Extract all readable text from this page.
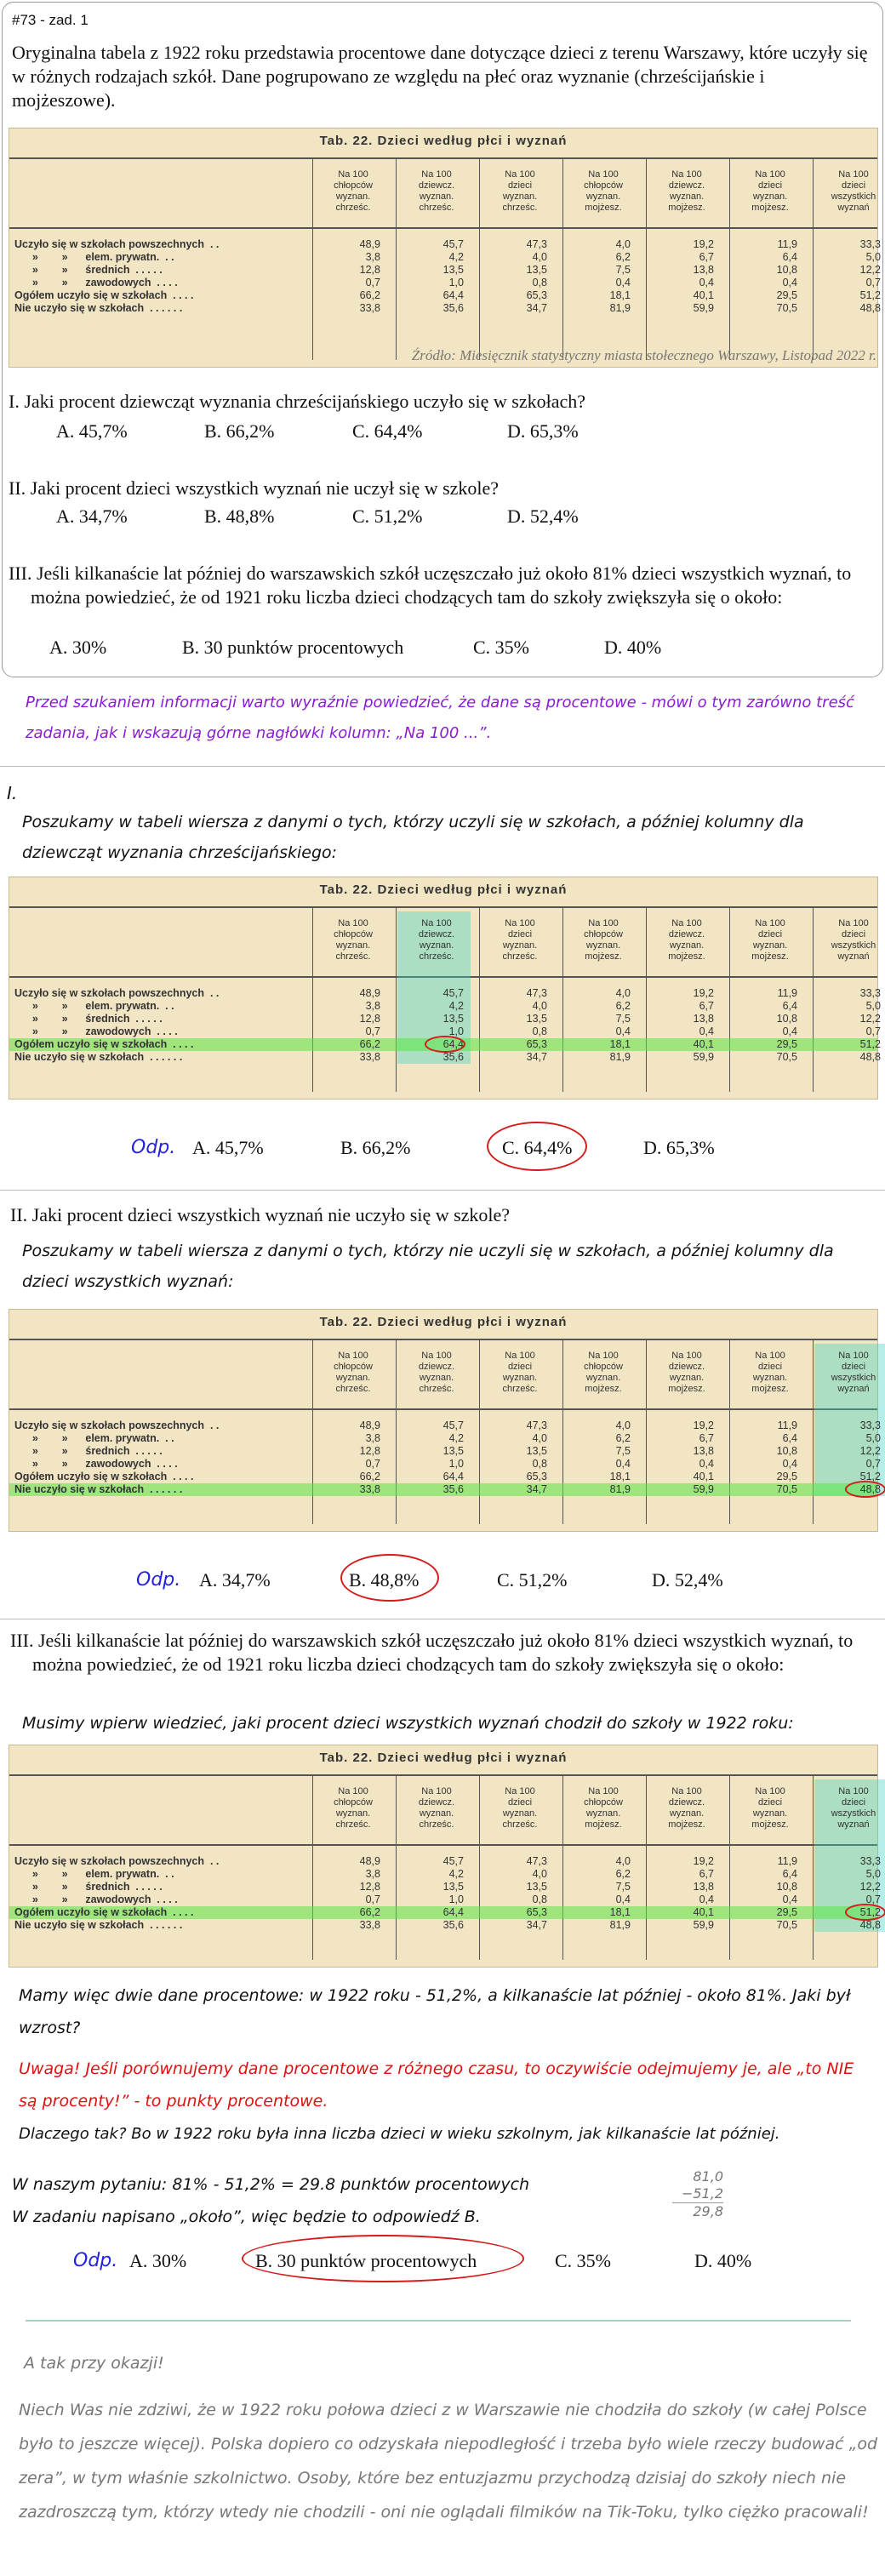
#73 - zad. 1
Oryginalna tabela z 1922 roku przedstawia procentowe dane dotyczące dzieci z terenu Warszawy, które uczyły się w różnych rodzajach szkół. Dane pogrupowano ze względu na płeć oraz wyznanie (chrześcijańskie i mojżeszowe).
Tab. 22. Dzieci według płci i wyznań
Na 100
chłopców
wyznan.
chrześc.
Na 100
dziewcz.
wyznan.
chrześc.
Na 100
dzieci
wyznan.
chrześc.
Na 100
chłopców
wyznan.
mojżesz.
Na 100
dziewcz.
wyznan.
mojżesz.
Na 100
dzieci
wyznan.
mojżesz.
Na 100
dzieci
wszystkich
wyznań
Uczyło się w szkołach powszechnych  . .	48,9	45,7	47,3	4,0	19,2	11,9	33,3
»        »      elem. prywatn.  . .	3,8	4,2	4,0	6,2	6,7	6,4	5,0
»        »      średnich  . . . . .	12,8	13,5	13,5	7,5	13,8	10,8	12,2
»        »      zawodowych  . . . .	0,7	1,0	0,8	0,4	0,4	0,4	0,7
Ogółem uczyło się w szkołach  . . . .	66,2	64,4	65,3	18,1	40,1	29,5	51,2
Nie uczyło się w szkołach  . . . . . .	33,8	35,6	34,7	81,9	59,9	70,5	48,8
Źródło: Miesięcznik statystyczny miasta stołecznego Warszawy, Listopad 2022 r.
I. Jaki procent dziewcząt wyznania chrześcijańskiego uczyło się w szkołach?
A. 45,7%	B. 66,2%	C. 64,4%	D. 65,3%
II. Jaki procent dzieci wszystkich wyznań nie uczył się w szkole?
A. 34,7%	B. 48,8%	C. 51,2%	D. 52,4%
III. Jeśli kilkanaście lat później do warszawskich szkół uczęszczało już około 81% dzieci wszystkich wyznań, to można powiedzieć, że od 1921 roku liczba dzieci chodzących tam do szkoły zwiększyła się o około:
A. 30%	B. 30 punktów procentowych	C. 35%	D. 40%
Przed szukaniem informacji warto wyraźnie powiedzieć, że dane są procentowe - mówi o tym zarówno treść zadania, jak i wskazują górne nagłówki kolumn: „Na 100 ...”.
I.
Poszukamy w tabeli wiersza z danymi o tych, którzy uczyli się w szkołach, a później kolumny dla dziewcząt wyznania chrześcijańskiego:
Tab. 22. Dzieci według płci i wyznań
Na 100
chłopców
wyznan.
chrześc.
Na 100
dziewcz.
wyznan.
chrześc.
Na 100
dzieci
wyznan.
chrześc.
Na 100
chłopców
wyznan.
mojżesz.
Na 100
dziewcz.
wyznan.
mojżesz.
Na 100
dzieci
wyznan.
mojżesz.
Na 100
dzieci
wszystkich
wyznań
Uczyło się w szkołach powszechnych  . .	48,9	45,7	47,3	4,0	19,2	11,9	33,3
»        »      elem. prywatn.  . .	3,8	4,2	4,0	6,2	6,7	6,4	5,0
»        »      średnich  . . . . .	12,8	13,5	13,5	7,5	13,8	10,8	12,2
»        »      zawodowych  . . . .	0,7	1,0	0,8	0,4	0,4	0,4	0,7
Ogółem uczyło się w szkołach  . . . .	66,2	64,4	65,3	18,1	40,1	29,5	51,2
Nie uczyło się w szkołach  . . . . . .	33,8	35,6	34,7	81,9	59,9	70,5	48,8
Odp. A. 45,7%	B. 66,2%	C. 64,4%	D. 65,3%
II. Jaki procent dzieci wszystkich wyznań nie uczyło się w szkole?
Poszukamy w tabeli wiersza z danymi o tych, którzy nie uczyli się w szkołach, a później kolumny dla dzieci wszystkich wyznań:
Tab. 22. Dzieci według płci i wyznań
Na 100
chłopców
wyznan.
chrześc.
Na 100
dziewcz.
wyznan.
chrześc.
Na 100
dzieci
wyznan.
chrześc.
Na 100
chłopców
wyznan.
mojżesz.
Na 100
dziewcz.
wyznan.
mojżesz.
Na 100
dzieci
wyznan.
mojżesz.
Na 100
dzieci
wszystkich
wyznań
Uczyło się w szkołach powszechnych  . .	48,9	45,7	47,3	4,0	19,2	11,9	33,3
»        »      elem. prywatn.  . .	3,8	4,2	4,0	6,2	6,7	6,4	5,0
»        »      średnich  . . . . .	12,8	13,5	13,5	7,5	13,8	10,8	12,2
»        »      zawodowych  . . . .	0,7	1,0	0,8	0,4	0,4	0,4	0,7
Ogółem uczyło się w szkołach  . . . .	66,2	64,4	65,3	18,1	40,1	29,5	51,2
Nie uczyło się w szkołach  . . . . . .	33,8	35,6	34,7	81,9	59,9	70,5	48,8
Odp. A. 34,7%	B. 48,8%	C. 51,2%	D. 52,4%
III. Jeśli kilkanaście lat później do warszawskich szkół uczęszczało już około 81% dzieci wszystkich wyznań, to można powiedzieć, że od 1921 roku liczba dzieci chodzących tam do szkoły zwiększyła się o około:
Musimy wpierw wiedzieć, jaki procent dzieci wszystkich wyznań chodził do szkoły w 1922 roku:
Tab. 22. Dzieci według płci i wyznań
Na 100
chłopców
wyznan.
chrześc.
Na 100
dziewcz.
wyznan.
chrześc.
Na 100
dzieci
wyznan.
chrześc.
Na 100
chłopców
wyznan.
mojżesz.
Na 100
dziewcz.
wyznan.
mojżesz.
Na 100
dzieci
wyznan.
mojżesz.
Na 100
dzieci
wszystkich
wyznań
Uczyło się w szkołach powszechnych  . .	48,9	45,7	47,3	4,0	19,2	11,9	33,3
»        »      elem. prywatn.  . .	3,8	4,2	4,0	6,2	6,7	6,4	5,0
»        »      średnich  . . . . .	12,8	13,5	13,5	7,5	13,8	10,8	12,2
»        »      zawodowych  . . . .	0,7	1,0	0,8	0,4	0,4	0,4	0,7
Ogółem uczyło się w szkołach  . . . .	66,2	64,4	65,3	18,1	40,1	29,5	51,2
Nie uczyło się w szkołach  . . . . . .	33,8	35,6	34,7	81,9	59,9	70,5	48,8
Mamy więc dwie dane procentowe: w 1922 roku - 51,2%, a kilkanaście lat później - około 81%. Jaki był wzrost?
Uwaga! Jeśli porównujemy dane procentowe z różnego czasu, to oczywiście odejmujemy je, ale „to NIE są procenty!” - to punkty procentowe.
Dlaczego tak? Bo w 1922 roku była inna liczba dzieci w wieku szkolnym, jak kilkanaście lat później.
W naszym pytaniu: 81% - 51,2% = 29.8 punktów procentowych
W zadaniu napisano „około”, więc będzie to odpowiedź B.
81,0
−51,2
29,8
Odp. A. 30%	B. 30 punktów procentowych	C. 35%	D. 40%
A tak przy okazji!
Niech Was nie zdziwi, że w 1922 roku połowa dzieci z w Warszawie nie chodziła do szkoły (w całej Polsce było to jeszcze więcej). Polska dopiero co odzyskała niepodległość i trzeba było wiele rzeczy budować „od zera”, w tym właśnie szkolnictwo. Osoby, które bez entuzjazmu przychodzą dzisiaj do szkoły niech nie zazdroszczą tym, którzy wtedy nie chodzili - oni nie oglądali filmików na Tik-Toku, tylko ciężko pracowali!
